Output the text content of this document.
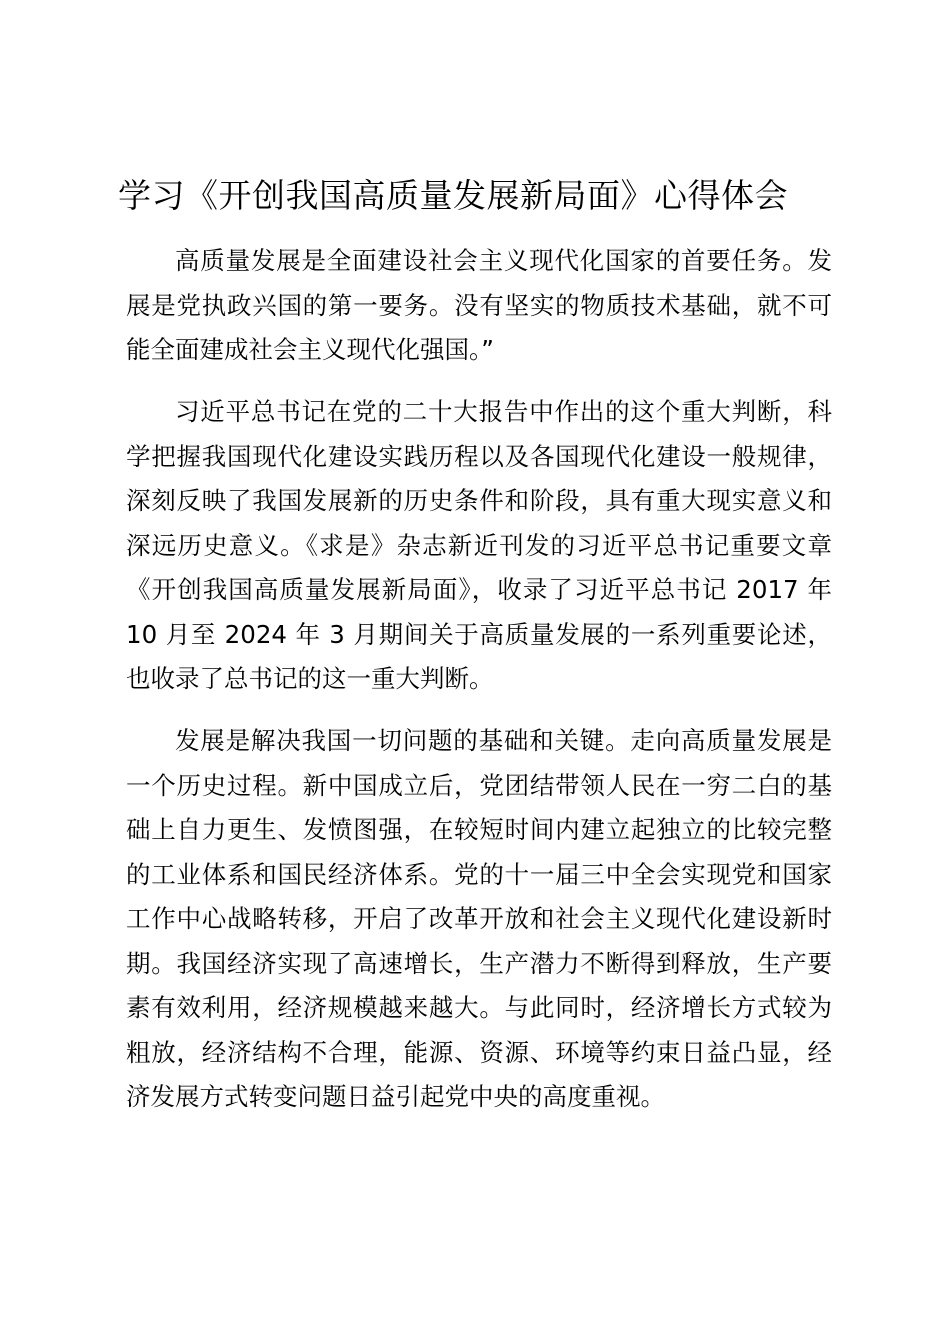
学习《开创我国高质量发展新局面》心得体会

高质量发展是全面建设社会主义现代化国家的首要任务。发展是党执政兴国的第一要务。没有坚实的物质技术基础，就不可能全面建成社会主义现代化强国。”

习近平总书记在党的二十大报告中作出的这个重大判断，科学把握我国现代化建设实践历程以及各国现代化建设一般规律，深刻反映了我国发展新的历史条件和阶段，具有重大现实意义和深远历史意义。《求是》杂志新近刊发的习近平总书记重要文章《开创我国高质量发展新局面》，收录了习近平总书记 2017 年 10 月至 2024 年 3 月期间关于高质量发展的一系列重要论述，也收录了总书记的这一重大判断。

发展是解决我国一切问题的基础和关键。走向高质量发展是一个历史过程。新中国成立后，党团结带领人民在一穷二白的基础上自力更生、发愤图强，在较短时间内建立起独立的比较完整的工业体系和国民经济体系。党的十一届三中全会实现党和国家工作中心战略转移，开启了改革开放和社会主义现代化建设新时期。我国经济实现了高速增长，生产潜力不断得到释放，生产要素有效利用，经济规模越来越大。与此同时，经济增长方式较为粗放，经济结构不合理，能源、资源、环境等约束日益凸显，经济发展方式转变问题日益引起党中央的高度重视。
